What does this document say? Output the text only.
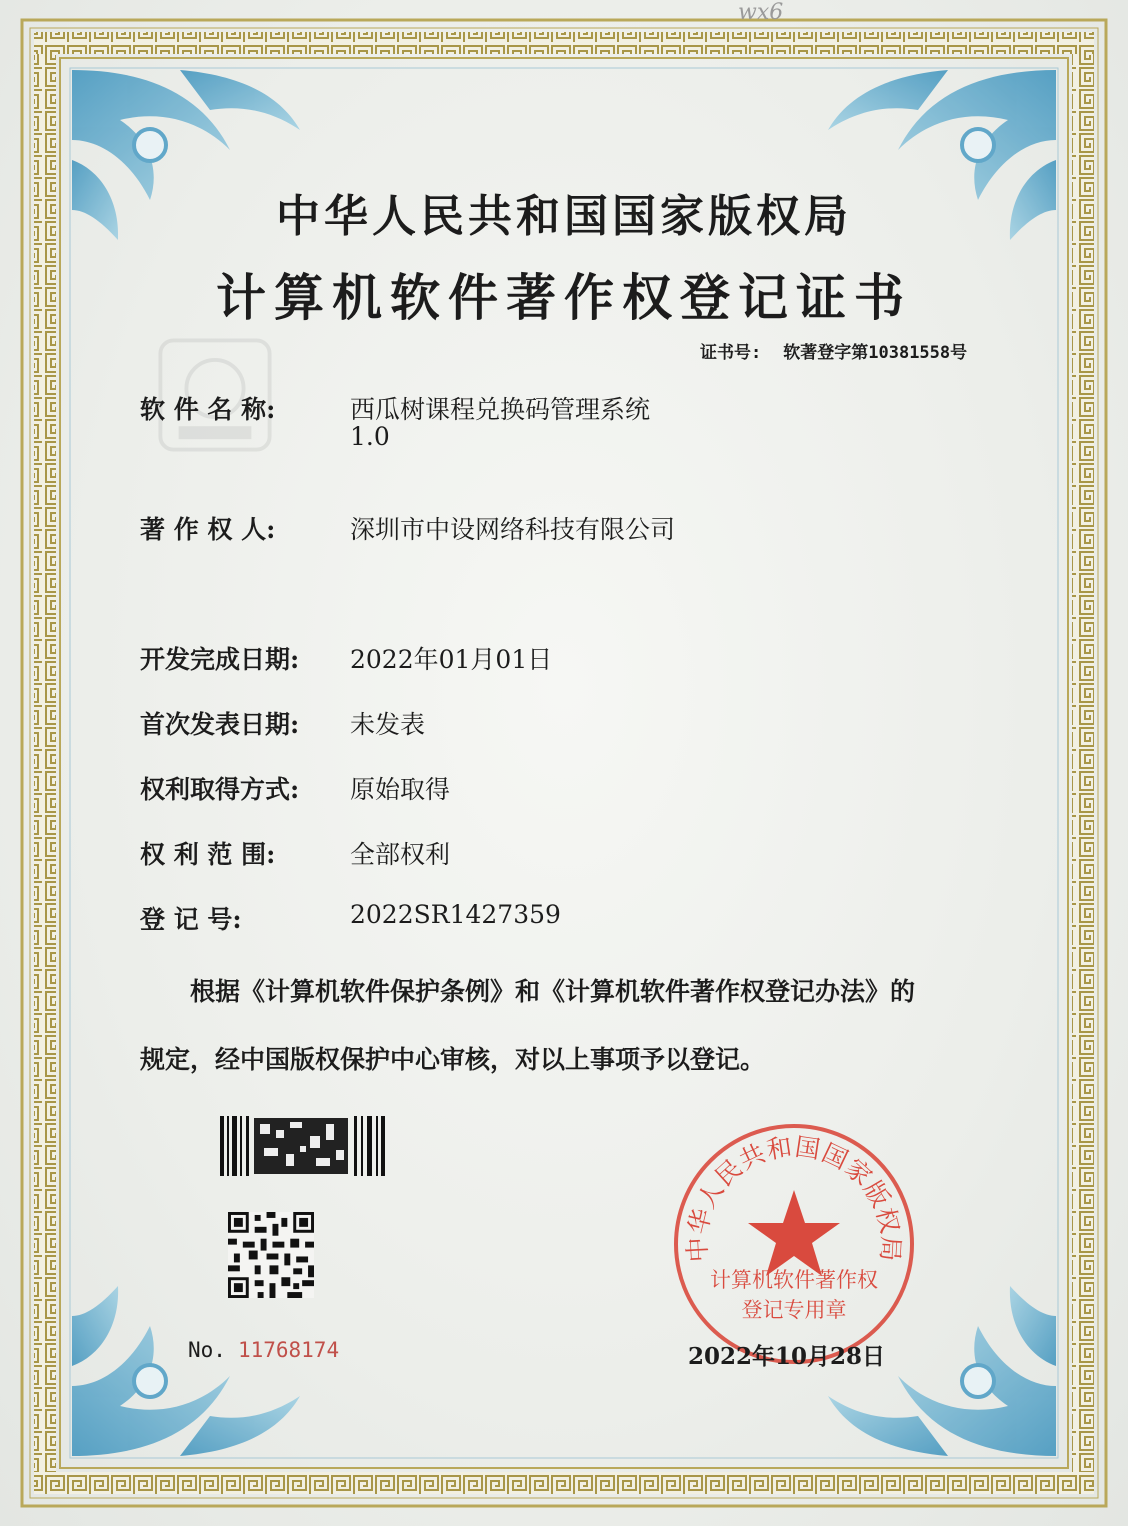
wx6
中华人民共和国国家版权局
计算机软件著作权登记证书
证书号: 软著登字第10381558号
软 件 名 称:	西瓜树课程兑换码管理系统
1.0
著 作 权 人:	深圳市中设网络科技有限公司
开发完成日期: 2022年01月01日
首次发表日期: 未发表
权利取得方式: 原始取得
权 利 范 围:	全部权利
登 记 号:	2022SR1427359
根据《计算机软件保护条例》和《计算机软件著作权登记办法》的
规定，经中国版权保护中心审核，对以上事项予以登记。
No. 11768174
中华人民共和国国家版权局
计算机软件著作权
登记专用章
2022年10月28日
